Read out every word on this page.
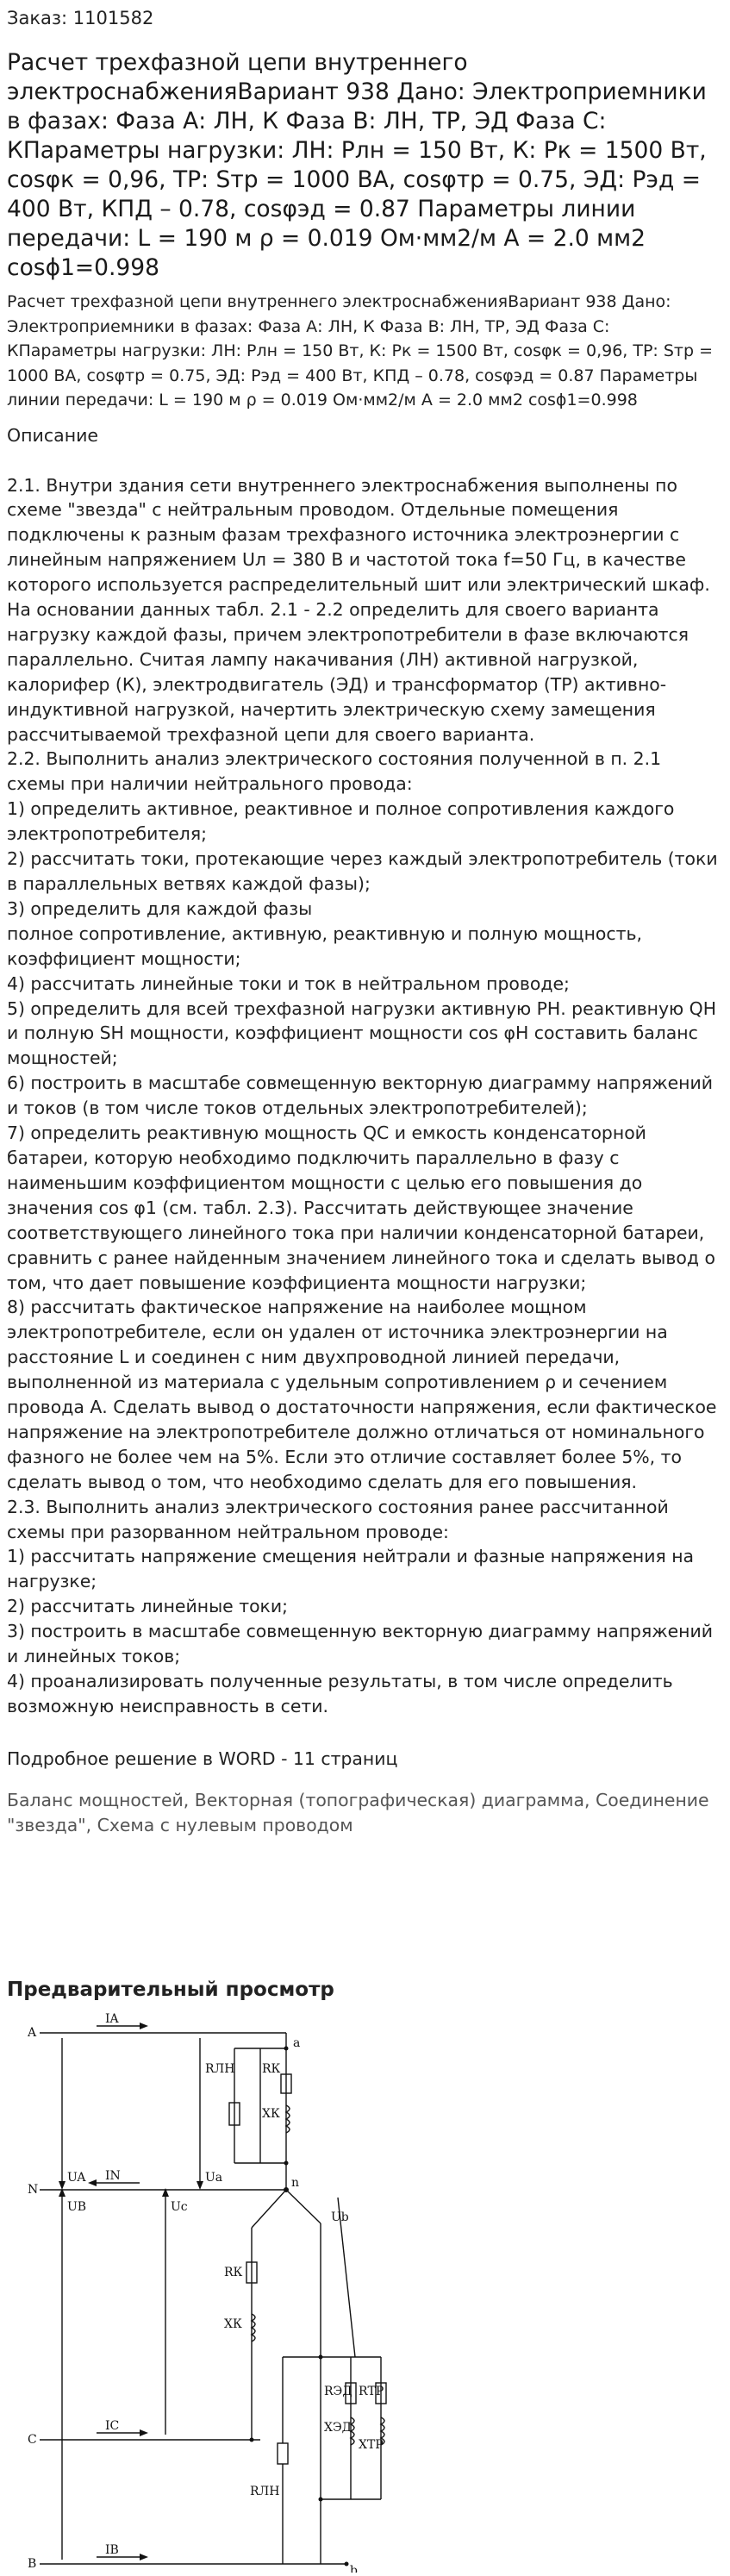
Заказ: 1101582
Расчет трехфазной цепи внутреннего электроснабженияВариант 938 Дано: Электроприемники в фазах: Фаза А: ЛН, К Фаза В: ЛН, ТР, ЭД Фаза С: КПараметры нагрузки: ЛН: Pлн = 150 Вт, К: Pк = 1500 Вт, cosφк = 0,96, ТР: Sтр = 1000 ВА, cosφтр = 0.75, ЭД: Pэд = 400 Вт, КПД – 0.78, cosφэд = 0.87 Параметры линии передачи: L = 190 м ρ = 0.019 Ом·мм2/м А = 2.0 мм2 cosϕ1=0.998
Расчет трехфазной цепи внутреннего электроснабженияВариант 938 Дано: Электроприемники в фазах: Фаза А: ЛН, К Фаза В: ЛН, ТР, ЭД Фаза С: КПараметры нагрузки: ЛН: Pлн = 150 Вт, К: Pк = 1500 Вт, cosφк = 0,96, ТР: Sтр = 1000 ВА, cosφтр = 0.75, ЭД: Pэд = 400 Вт, КПД – 0.78, cosφэд = 0.87 Параметры линии передачи: L = 190 м ρ = 0.019 Ом·мм2/м А = 2.0 мм2 cosϕ1=0.998
Описание
2.1. Внутри здания сети внутреннего электроснабжения выполнены по схеме "звезда" с нейтральным проводом. Отдельные помещения подключены к разным фазам трехфазного источника электроэнергии с линейным напряжением Uл = 380 В и частотой тока f=50 Гц, в качестве которого используется распределительный шит или электрический шкаф. На основании данных табл. 2.1 - 2.2 определить для своего варианта нагрузку каждой фазы, причем электропотребители в фазе включаются параллельно. Считая лампу накачивания (ЛН) активной нагрузкой, калорифер (К), электродвигатель (ЭД) и трансформатор (ТР) активно-индуктивной нагрузкой, начертить электрическую схему замещения рассчитываемой трехфазной цепи для своего варианта.
2.2. Выполнить анализ электрического состояния полученной в п. 2.1 схемы при наличии нейтрального провода:
1) определить активное, реактивное и полное сопротивления каждого электропотребителя;
2) рассчитать токи, протекающие через каждый электропотребитель (токи в параллельных ветвях каждой фазы);
3) определить для каждой фазы
полное сопротивление, активную, реактивную и полную мощность, коэффициент мощности;
4) рассчитать линейные токи и ток в нейтральном проводе;
5) определить для всей трехфазной нагрузки активную PН. реактивную QН и полную SН мощности, коэффициент мощности cos φН составить баланс мощностей;
6) построить в масштабе совмещенную векторную диаграмму напряжений и токов (в том числе токов отдельных электропотребителей);
7) определить реактивную мощность QС и емкость конденсаторной батареи, которую необходимо подключить параллельно в фазу с наименьшим коэффициентом мощности с целью его повышения до значения cos φ1 (см. табл. 2.3). Рассчитать действующее значение соответствующего линейного тока при наличии конденсаторной батареи, сравнить с ранее найденным значением линейного тока и сделать вывод о том, что дает повышение коэффициента мощности нагрузки;
8) рассчитать фактическое напряжение на наиболее мощном электропотребителе, если он удален от источника электроэнергии на расстояние L и соединен с ним двухпроводной линией передачи, выполненной из материала с удельным сопротивлением ρ и сечением провода А. Сделать вывод о достаточности напряжения, если фактическое напряжение на электропотребителе должно отличаться от номинального фазного не более чем на 5%. Если это отличие составляет более 5%, то сделать вывод о том, что необходимо сделать для его повышения.
2.3. Выполнить анализ электрического состояния ранее рассчитанной схемы при разорванном нейтральном проводе:
1) рассчитать напряжение смещения нейтрали и фазные напряжения на нагрузке;
2) рассчитать линейные токи;
3) построить в масштабе совмещенную векторную диаграмму напряжений и линейных токов;
4) проанализировать полученные результаты, в том числе определить возможную неисправность в сети.
Подробное решение в WORD - 11 страниц
Баланс мощностей, Векторная (топографическая) диаграмма, Соединение "звезда", Схема с нулевым проводом
Предварительный просмотр
A
N
C
B
a
n
b
IA
IN
IC
IB
UA	Ua
UB	Uc
Ub
RЛН RК
XК
RК
XК
RЛН
RЭД
XЭД
RТР
XТР
